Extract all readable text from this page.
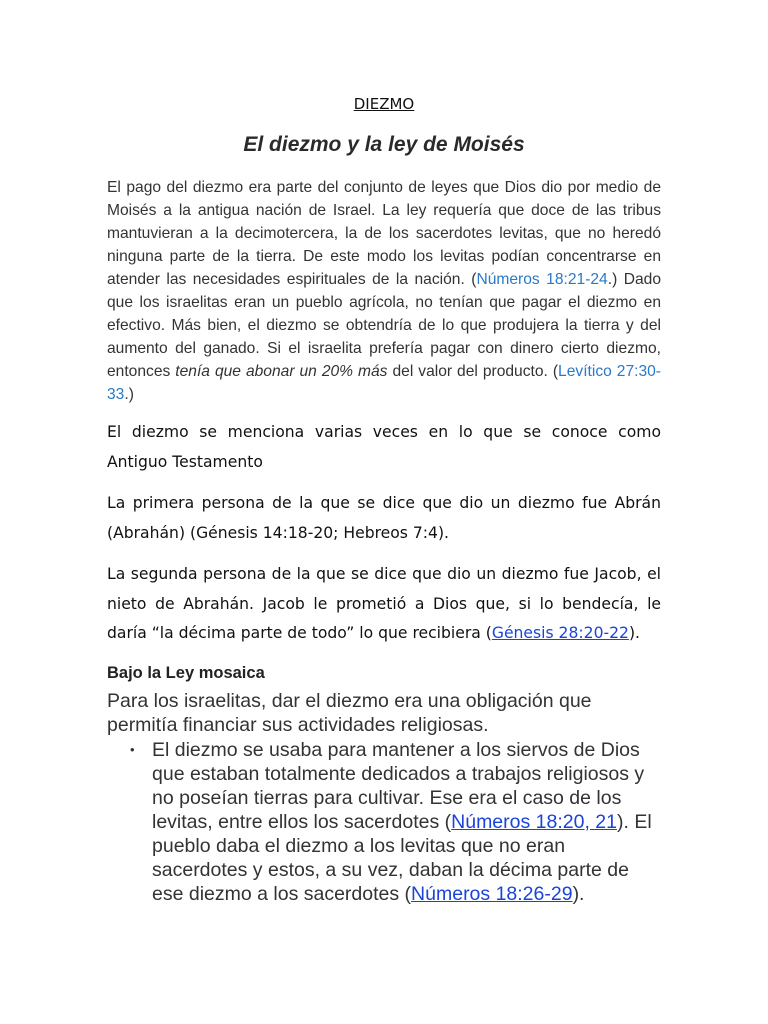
DIEZMO
El diezmo y la ley de Moisés

El pago del diezmo era parte del conjunto de leyes que Dios dio por medio de Moisés a la antigua nación de Israel. La ley requería que doce de las tribus mantuvieran a la decimotercera, la de los sacerdotes levitas, que no heredó ninguna parte de la tierra. De este modo los levitas podían concentrarse en atender las necesidades espirituales de la nación. (Números 18:21-24.) Dado que los israelitas eran un pueblo agrícola, no tenían que pagar el diezmo en efectivo. Más bien, el diezmo se obtendría de lo que produjera la tierra y del aumento del ganado. Si el israelita prefería pagar con dinero cierto diezmo, entonces tenía que abonar un 20% más del valor del producto. (Levítico 27:30-33.)

El diezmo se menciona varias veces en lo que se conoce como Antiguo Testamento

La primera persona de la que se dice que dio un diezmo fue Abrán (Abrahán) (Génesis 14:18-20; Hebreos 7:4).

La segunda persona de la que se dice que dio un diezmo fue Jacob, el nieto de Abrahán. Jacob le prometió a Dios que, si lo bendecía, le daría “la décima parte de todo” lo que recibiera (Génesis 28:20-22).

Bajo la Ley mosaica

Para los israelitas, dar el diezmo era una obligación que permitía financiar sus actividades religiosas.

• El diezmo se usaba para mantener a los siervos de Dios que estaban totalmente dedicados a trabajos religiosos y no poseían tierras para cultivar. Ese era el caso de los levitas, entre ellos los sacerdotes (Números 18:20, 21). El pueblo daba el diezmo a los levitas que no eran sacerdotes y estos, a su vez, daban la décima parte de ese diezmo a los sacerdotes (Números 18:26-29).
